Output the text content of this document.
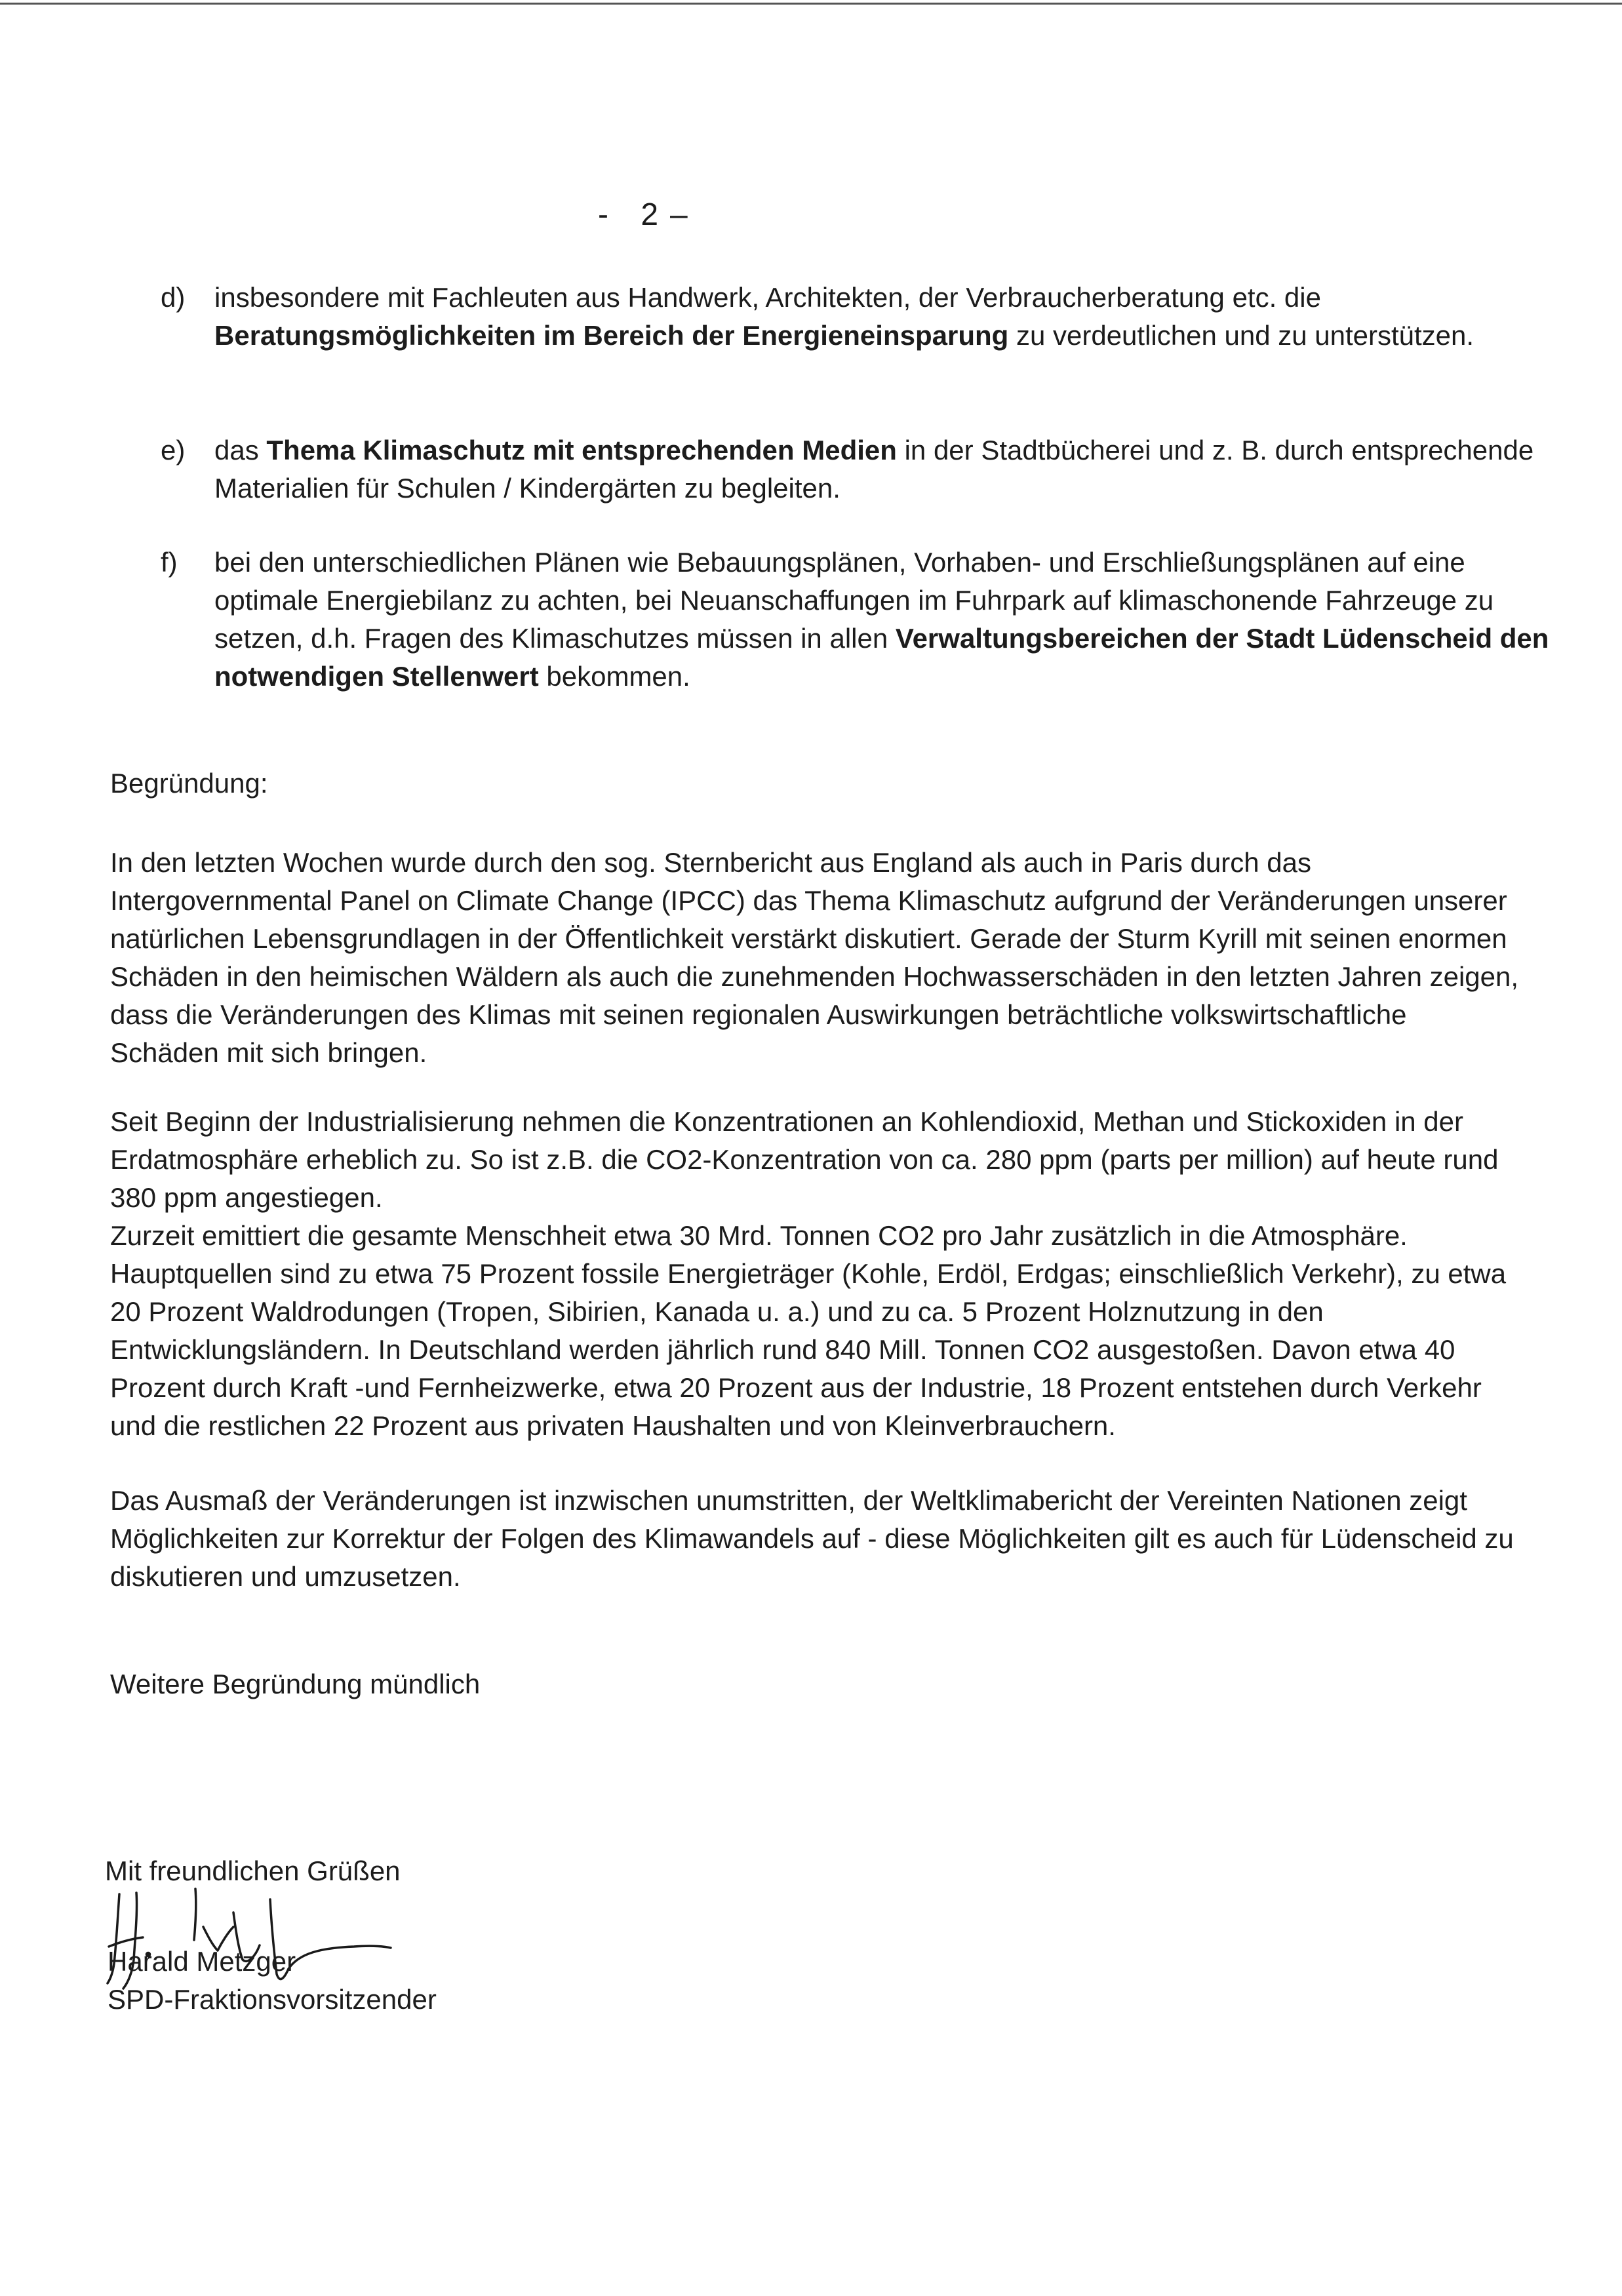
- 2–
d) insbesondere mit Fachleuten aus Handwerk, Architekten, der Verbraucherberatung etc. die Beratungsmöglichkeiten im Bereich der Energieneinsparung zu verdeutlichen und zu unterstützen.
e) das Thema Klimaschutz mit entsprechenden Medien in der Stadtbücherei und z. B. durch entsprechende Materialien für Schulen / Kindergärten zu begleiten.
f) bei den unterschiedlichen Plänen wie Bebauungsplänen, Vorhaben- und Erschließungsplänen auf eine optimale Energiebilanz zu achten, bei Neuanschaffungen im Fuhrpark auf klimaschonende Fahrzeuge zu setzen, d.h. Fragen des Klimaschutzes müssen in allen Verwaltungsbereichen der Stadt Lüdenscheid den notwendigen Stellenwert bekommen.

Begründung:

In den letzten Wochen wurde durch den sog. Sternbericht aus England als auch in Paris durch das Intergovernmental Panel on Climate Change (IPCC) das Thema Klimaschutz aufgrund der Veränderungen unserer natürlichen Lebensgrundlagen in der Öffentlichkeit verstärkt diskutiert. Gerade der Sturm Kyrill mit seinen enormen Schäden in den heimischen Wäldern als auch die zunehmenden Hochwasserschäden in den letzten Jahren zeigen, dass die Veränderungen des Klimas mit seinen regionalen Auswirkungen beträchtliche volkswirtschaftliche Schäden mit sich bringen.

Seit Beginn der Industrialisierung nehmen die Konzentrationen an Kohlendioxid, Methan und Stickoxiden in der Erdatmosphäre erheblich zu. So ist z.B. die CO2-Konzentration von ca. 280 ppm (parts per million) auf heute rund 380 ppm angestiegen.
Zurzeit emittiert die gesamte Menschheit etwa 30 Mrd. Tonnen CO2 pro Jahr zusätzlich in die Atmosphäre. Hauptquellen sind zu etwa 75 Prozent fossile Energieträger (Kohle, Erdöl, Erdgas; einschließlich Verkehr), zu etwa 20 Prozent Waldrodungen (Tropen, Sibirien, Kanada u. a.) und zu ca. 5 Prozent Holznutzung in den Entwicklungsländern. In Deutschland werden jährlich rund 840 Mill. Tonnen CO2 ausgestoßen. Davon etwa 40 Prozent durch Kraft -und Fernheizwerke, etwa 20 Prozent aus der Industrie, 18 Prozent entstehen durch Verkehr und die restlichen 22 Prozent aus privaten Haushalten und von Kleinverbrauchern.

Das Ausmaß der Veränderungen ist inzwischen unumstritten, der Weltklimabericht der Vereinten Nationen zeigt Möglichkeiten zur Korrektur der Folgen des Klimawandels auf - diese Möglichkeiten gilt es auch für Lüdenscheid zu diskutieren und umzusetzen.

Weitere Begründung mündlich

Mit freundlichen Grüßen
Harald Metzger
SPD-Fraktionsvorsitzender
